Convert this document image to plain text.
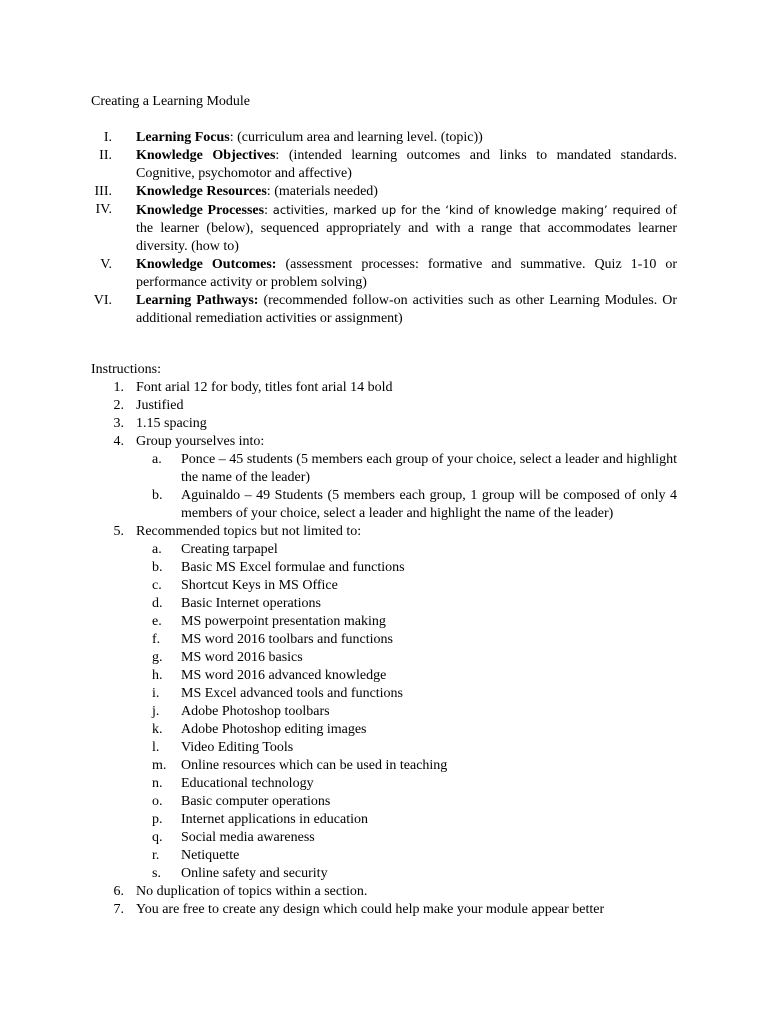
Creating a Learning Module
I. Learning Focus: (curriculum area and learning level. (topic))
II. Knowledge Objectives: (intended learning outcomes and links to mandated standards. Cognitive, psychomotor and affective)
III. Knowledge Resources: (materials needed)
IV. Knowledge Processes: activities, marked up for the ‘kind of knowledge making’ required of the learner (below), sequenced appropriately and with a range that accommodates learner diversity. (how to)
V. Knowledge Outcomes: (assessment processes: formative and summative. Quiz 1-10 or performance activity or problem solving)
VI. Learning Pathways: (recommended follow-on activities such as other Learning Modules. Or additional remediation activities or assignment)
Instructions:
1. Font arial 12 for body, titles font arial 14 bold
2. Justified
3. 1.15 spacing
4. Group yourselves into:
a.	Ponce – 45 students (5 members each group of your choice, select a leader and highlight the name of the leader)
b.	Aguinaldo – 49 Students (5 members each group, 1 group will be composed of only 4 members of your choice, select a leader and highlight the name of the leader)
5. Recommended topics but not limited to:
a.	Creating tarpapel
b.	Basic MS Excel formulae and functions
c.	Shortcut Keys in MS Office
d.	Basic Internet operations
e.	MS powerpoint presentation making
f.	MS word 2016 toolbars and functions
g.	MS word 2016 basics
h.	MS word 2016 advanced knowledge
i.	MS Excel advanced tools and functions
j.	Adobe Photoshop toolbars
k.	Adobe Photoshop editing images
l.	Video Editing Tools
m. Online resources which can be used in teaching
n.	Educational technology
o.	Basic computer operations
p.	Internet applications in education
q.	Social media awareness
r.	Netiquette
s.	Online safety and security
6. No duplication of topics within a section.
7. You are free to create any design which could help make your module appear better
